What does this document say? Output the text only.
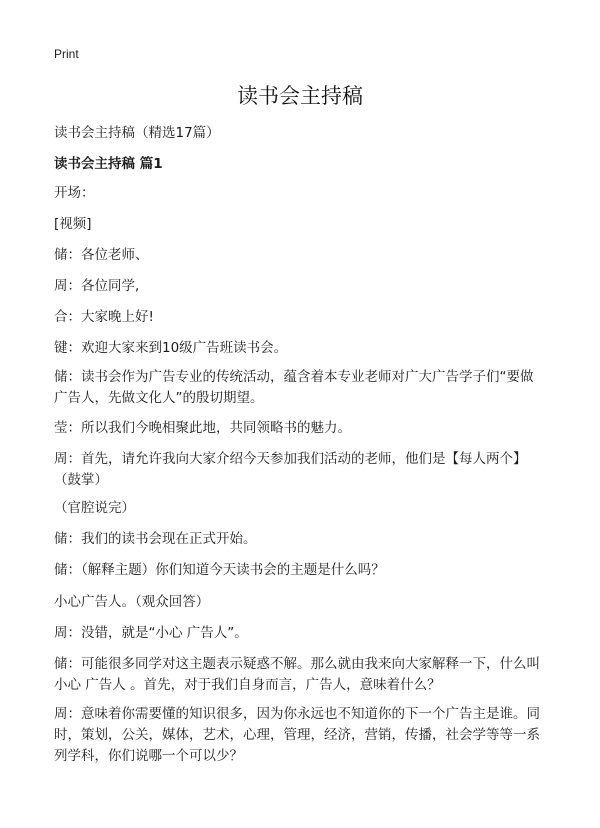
Print
读书会主持稿
读书会主持稿（精选17篇）
读书会主持稿 篇1

开场：

[视频]

储：各位老师、

周：各位同学,

合：大家晚上好!

键：欢迎大家来到10级广告班读书会。

储：读书会作为广告专业的传统活动，蕴含着本专业老师对广大广告学子们“要做广告人，先做文化人”的殷切期望。

莹：所以我们今晚相聚此地，共同领略书的魅力。

周：首先，请允许我向大家介绍今天参加我们活动的老师，他们是【每人两个】（鼓掌）

（官腔说完）

储：我们的读书会现在正式开始。

储：（解释主题）你们知道今天读书会的主题是什么吗？

小心广告人。（观众回答）

周：没错，就是“小心 广告人”。

储：可能很多同学对这主题表示疑惑不解。那么就由我来向大家解释一下，什么叫小心 广告人 。首先，对于我们自身而言，广告人，意味着什么？

周：意味着你需要懂的知识很多，因为你永远也不知道你的下一个广告主是谁。同时，策划，公关，媒体，艺术，心理，管理，经济，营销，传播，社会学等等一系列学科，你们说哪一个可以少？
